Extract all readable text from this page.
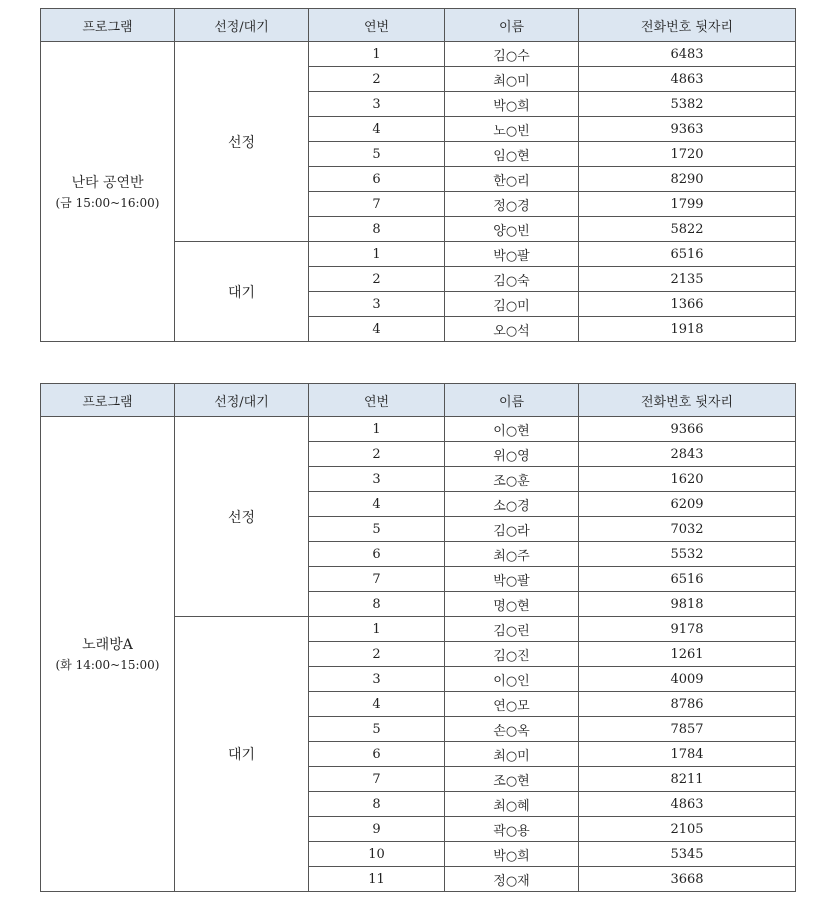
프로그램	선정/대기	연번	이름	전화번호 뒷자리

난타 공연반
(금 15:00~16:00)	선정	1	김○수	6483
		2	최○미	4863
		3	박○희	5382
		4	노○빈	9363
		5	임○현	1720
		6	한○리	8290
		7	정○경	1799
		8	양○빈	5822
	대기	1	박○팔	6516
		2	김○숙	2135
		3	김○미	1366
		4	오○석	1918
프로그램	선정/대기	연번	이름	전화번호 뒷자리

노래방A
(화 14:00~15:00)	선정	1	이○현	9366
		2	위○영	2843
		3	조○훈	1620
		4	소○경	6209
		5	김○라	7032
		6	최○주	5532
		7	박○팔	6516
		8	명○현	9818
	대기	1	김○린	9178
		2	김○진	1261
		3	이○인	4009
		4	연○모	8786
		5	손○옥	7857
		6	최○미	1784
		7	조○현	8211
		8	최○혜	4863
		9	곽○용	2105
		10	박○희	5345
		11	정○재	3668
